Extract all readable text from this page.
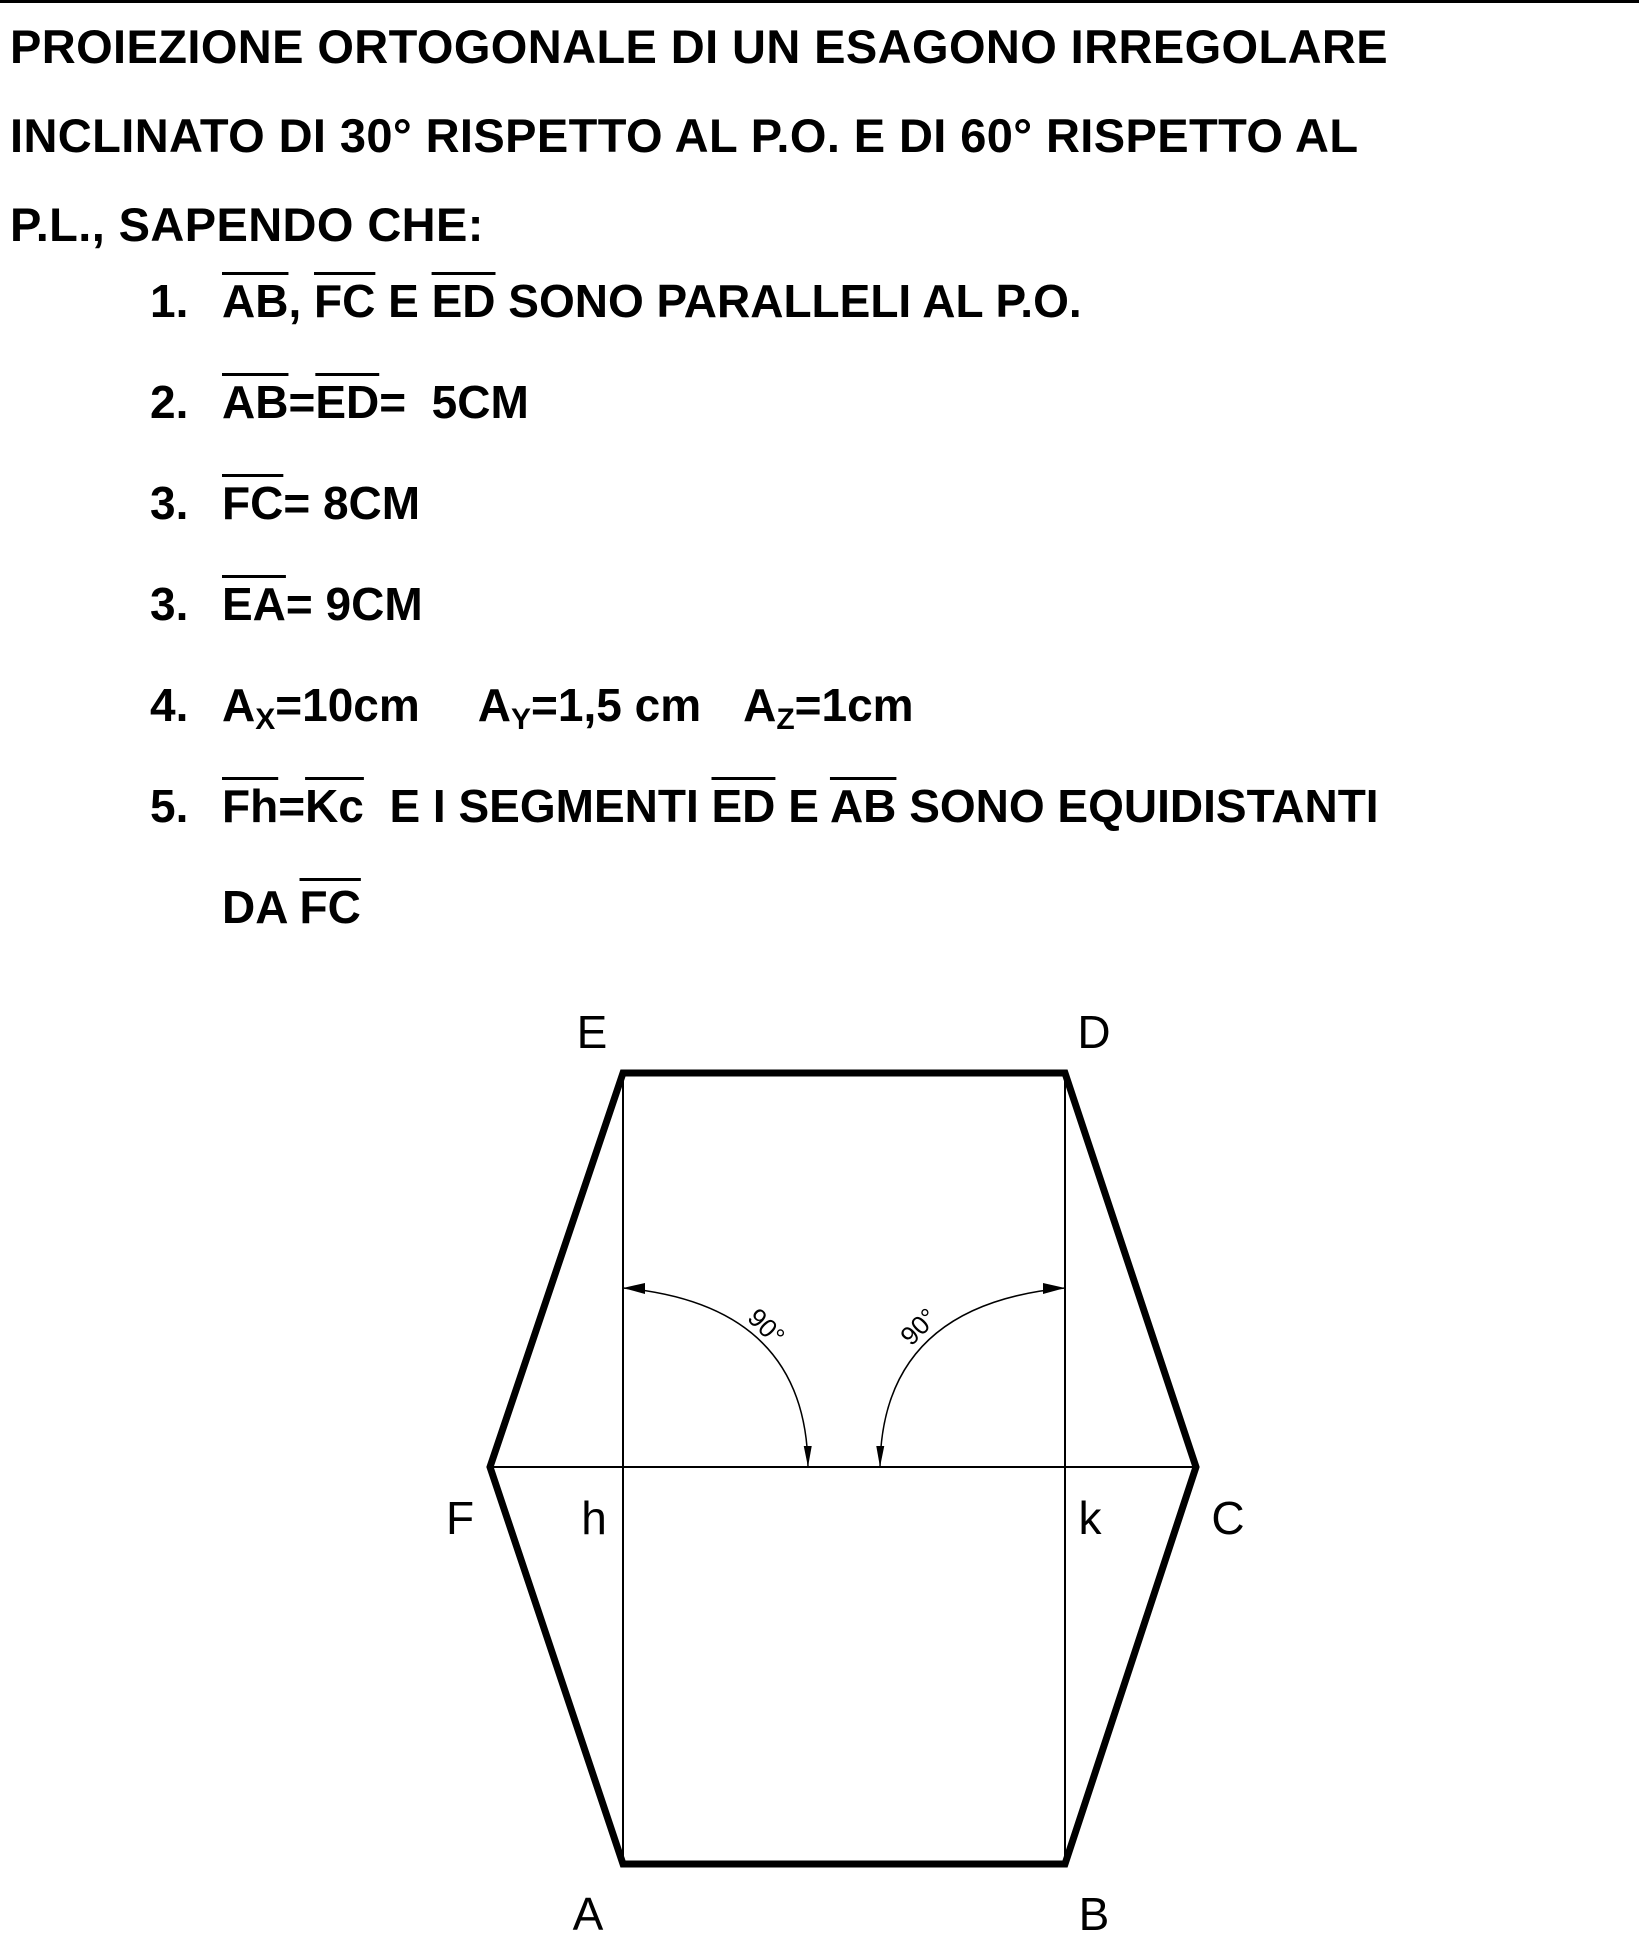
PROIEZIONE ORTOGONALE DI UN ESAGONO IRREGOLARE
INCLINATO DI 30° RISPETTO AL P.O. E DI 60° RISPETTO AL
P.L., SAPENDO CHE:
1. $\overline{AB}$, $\overline{FC}$ E $\overline{ED}$ SONO PARALLELI AL P.O.
2. $\overline{AB}=\overline{ED}= 5CM$
3. $\overline{FC}= 8CM$
3. $\overline{EA}= 9CM$
4. $A_X=10cm$ $A_Y=1,5$ cm $A_Z=1cm$
5. $\overline{Fh}=\overline{Kc}$ E I SEGMENTI $\overline{ED}$ E $\overline{AB}$ SONO EQUIDISTANTI
DA $\overline{FC}$
90°	90°
E	D
F h	k C
A	B
